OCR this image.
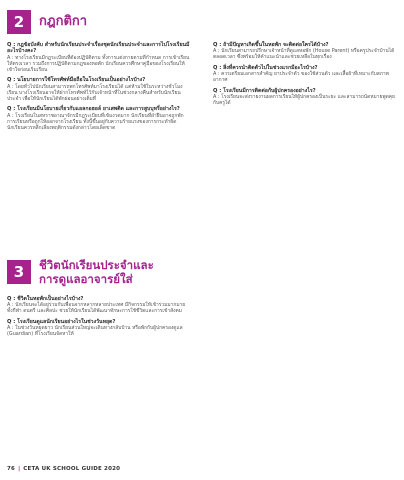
2	กฎกติกา
Q : กฎข้อบังคับ สำหรับนักเรียนประจำเรื่องชุดนักเรียนประจำและการไปโรงเรียนมีอะไรบ้างคะ?
A : ทางโรงเรียนมีกฎระเบียบที่ต้องปฏิบัติตาม ทั้งการแต่งกายตามที่กำหนด การเข้าเรียนให้ตรงเวลา รวมถึงการปฏิบัติตามกฎของหอพัก นักเรียนควรศึกษาคู่มือของโรงเรียนให้เข้าใจก่อนเริ่มเรียน
Q : นโยบายการใช้โทรศัพท์มือถือในโรงเรียนเป็นอย่างไรบ้าง?
A : โดยทั่วไปนักเรียนสามารถพกโทรศัพท์มาโรงเรียนได้ แต่ห้ามใช้ในระหว่างชั่วโมงเรียน บางโรงเรียนอาจให้ฝากโทรศัพท์ไว้กับเจ้าหน้าที่ในช่วงกลางคืนสำหรับนักเรียนประจำ เพื่อให้นักเรียนได้พักผ่อนอย่างเต็มที่
Q : โรงเรียนมีนโยบายเกี่ยวกับแอลกอฮอล์ ยาเสพติด และการสูบบุหรี่อย่างไร?
A : โรงเรียนในสหราชอาณาจักรมีกฎระเบียบที่เข้มงวดมาก นักเรียนที่ฝ่าฝืนอาจถูกพักการเรียนหรือถูกให้ออกจากโรงเรียน ทั้งนี้ขึ้นอยู่กับความร้ายแรงของการกระทำผิด นักเรียนควรหลีกเลี่ยงพฤติกรรมดังกล่าวโดยเด็ดขาด
3	ชีวิตนักเรียนประจำและ
การดูแลอาจารย์ใส่
Q : ชีวิตในหอพักเป็นอย่างไรบ้าง?
A : นักเรียนจะได้อยู่ร่วมกับเพื่อนจากหลากหลายประเทศ มีกิจกรรมให้เข้าร่วมมากมาย ทั้งกีฬา ดนตรี และศิลปะ ช่วยให้นักเรียนได้พัฒนาทักษะการใช้ชีวิตและการเข้าสังคม
Q : โรงเรียนดูแลนักเรียนอย่างไรในช่วงวันหยุด?
A : ในช่วงวันหยุดยาว นักเรียนส่วนใหญ่จะเดินทางกลับบ้าน หรือพักกับผู้ปกครองดูแล (Guardian) ที่โรงเรียนจัดหาให้
Q : ถ้ามีปัญหาเกิดขึ้นในหอพัก จะติดต่อใครได้บ้าง?
A : นักเรียนสามารถปรึกษาเจ้าหน้าที่ดูแลหอพัก (House Parent) หรือครูประจำบ้านได้ตลอดเวลา ซึ่งพร้อมให้คำแนะนำและช่วยเหลือในทุกเรื่อง
Q : สิ่งที่ควรนำติดตัวไปในช่วงแรกมีอะไรบ้าง?
A : ควรเตรียมเอกสารสำคัญ ยาประจำตัว ของใช้ส่วนตัว และเสื้อผ้าที่เหมาะกับสภาพอากาศ
Q : โรงเรียนมีการติดต่อกับผู้ปกครองอย่างไร?
A : โรงเรียนจะส่งรายงานผลการเรียนให้ผู้ปกครองเป็นระยะ และสามารถนัดหมายพูดคุยกับครูได้
76 | CETA UK SCHOOL GUIDE 2020
